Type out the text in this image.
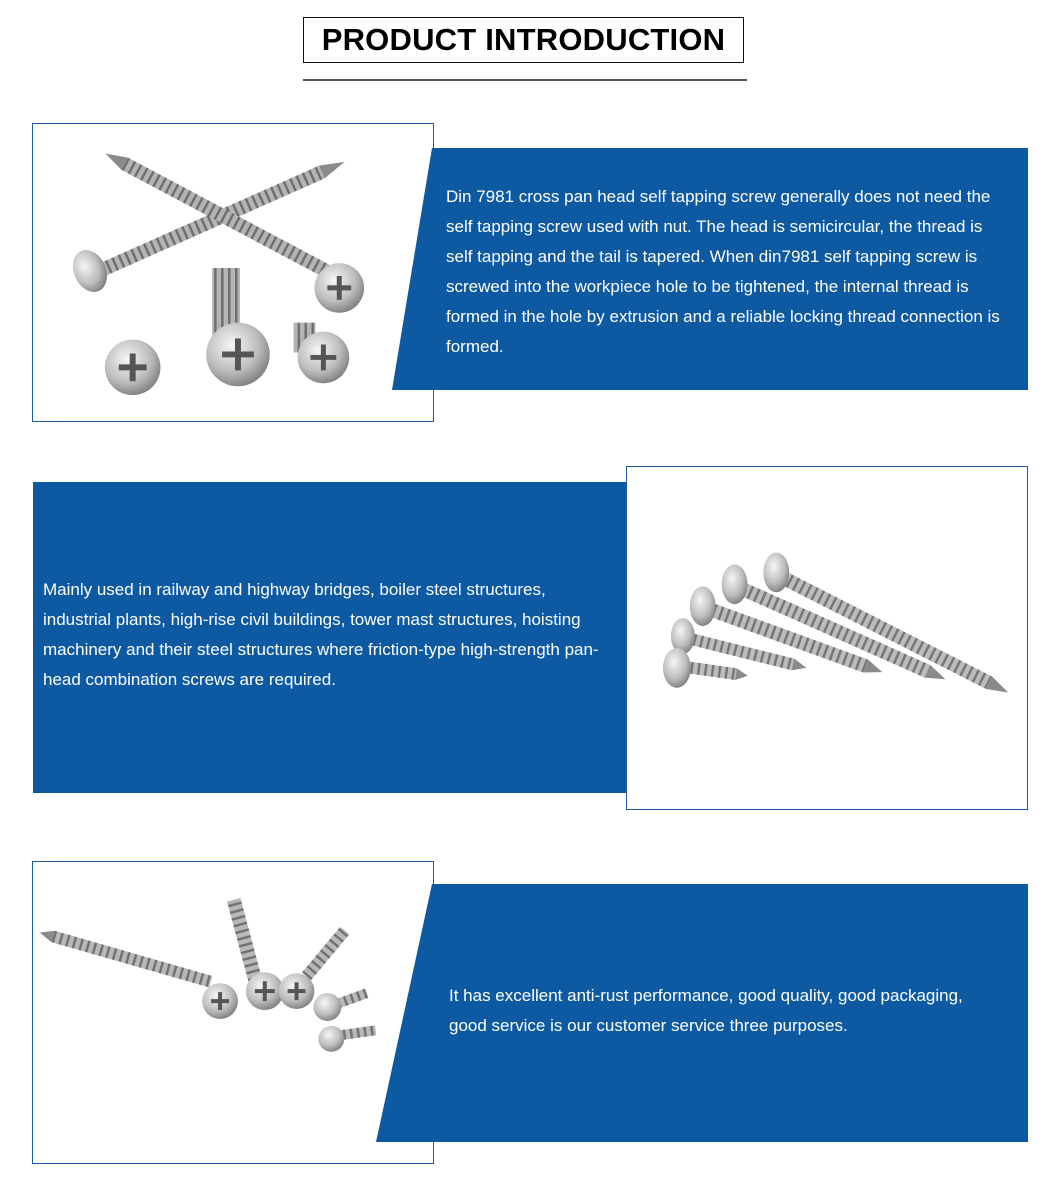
PRODUCT INTRODUCTION
Din 7981 cross pan head self tapping screw generally does not need the self tapping screw used with nut. The head is semicircular, the thread is self tapping and the tail is tapered. When din7981 self tapping screw is screwed into the workpiece hole to be tightened, the internal thread is formed in the hole by extrusion and a reliable locking thread connection is formed.
Mainly used in railway and highway bridges, boiler steel structures, industrial plants, high-rise civil buildings, tower mast structures, hoisting machinery and their steel structures where friction-type high-strength pan-head combination screws are required.
It has excellent anti-rust performance, good quality, good packaging, good service is our customer service three purposes.
